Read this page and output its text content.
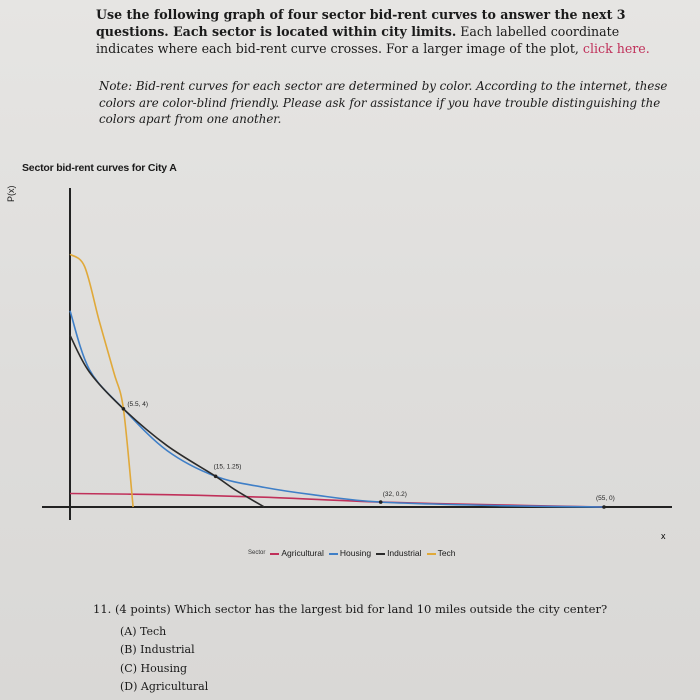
Use the following graph of four sector bid-rent curves to answer the next 3 questions. Each sector is located within city limits. Each labelled coordinate indicates where each bid-rent curve crosses. For a larger image of the plot, click here.
Note: Bid-rent curves for each sector are determined by color. According to the internet, these colors are color-blind friendly. Please ask for assistance if you have trouble distinguishing the colors apart from one another.
Sector bid-rent curves for City A
P(x)
(5.5, 4)
(15, 1.25)
(32, 0.2)
(55, 0)
x
Sector	Agricultural	Housing	Industrial	Tech
11. (4 points) Which sector has the largest bid for land 10 miles outside the city center?
(A) Tech
(B) Industrial
(C) Housing
(D) Agricultural
